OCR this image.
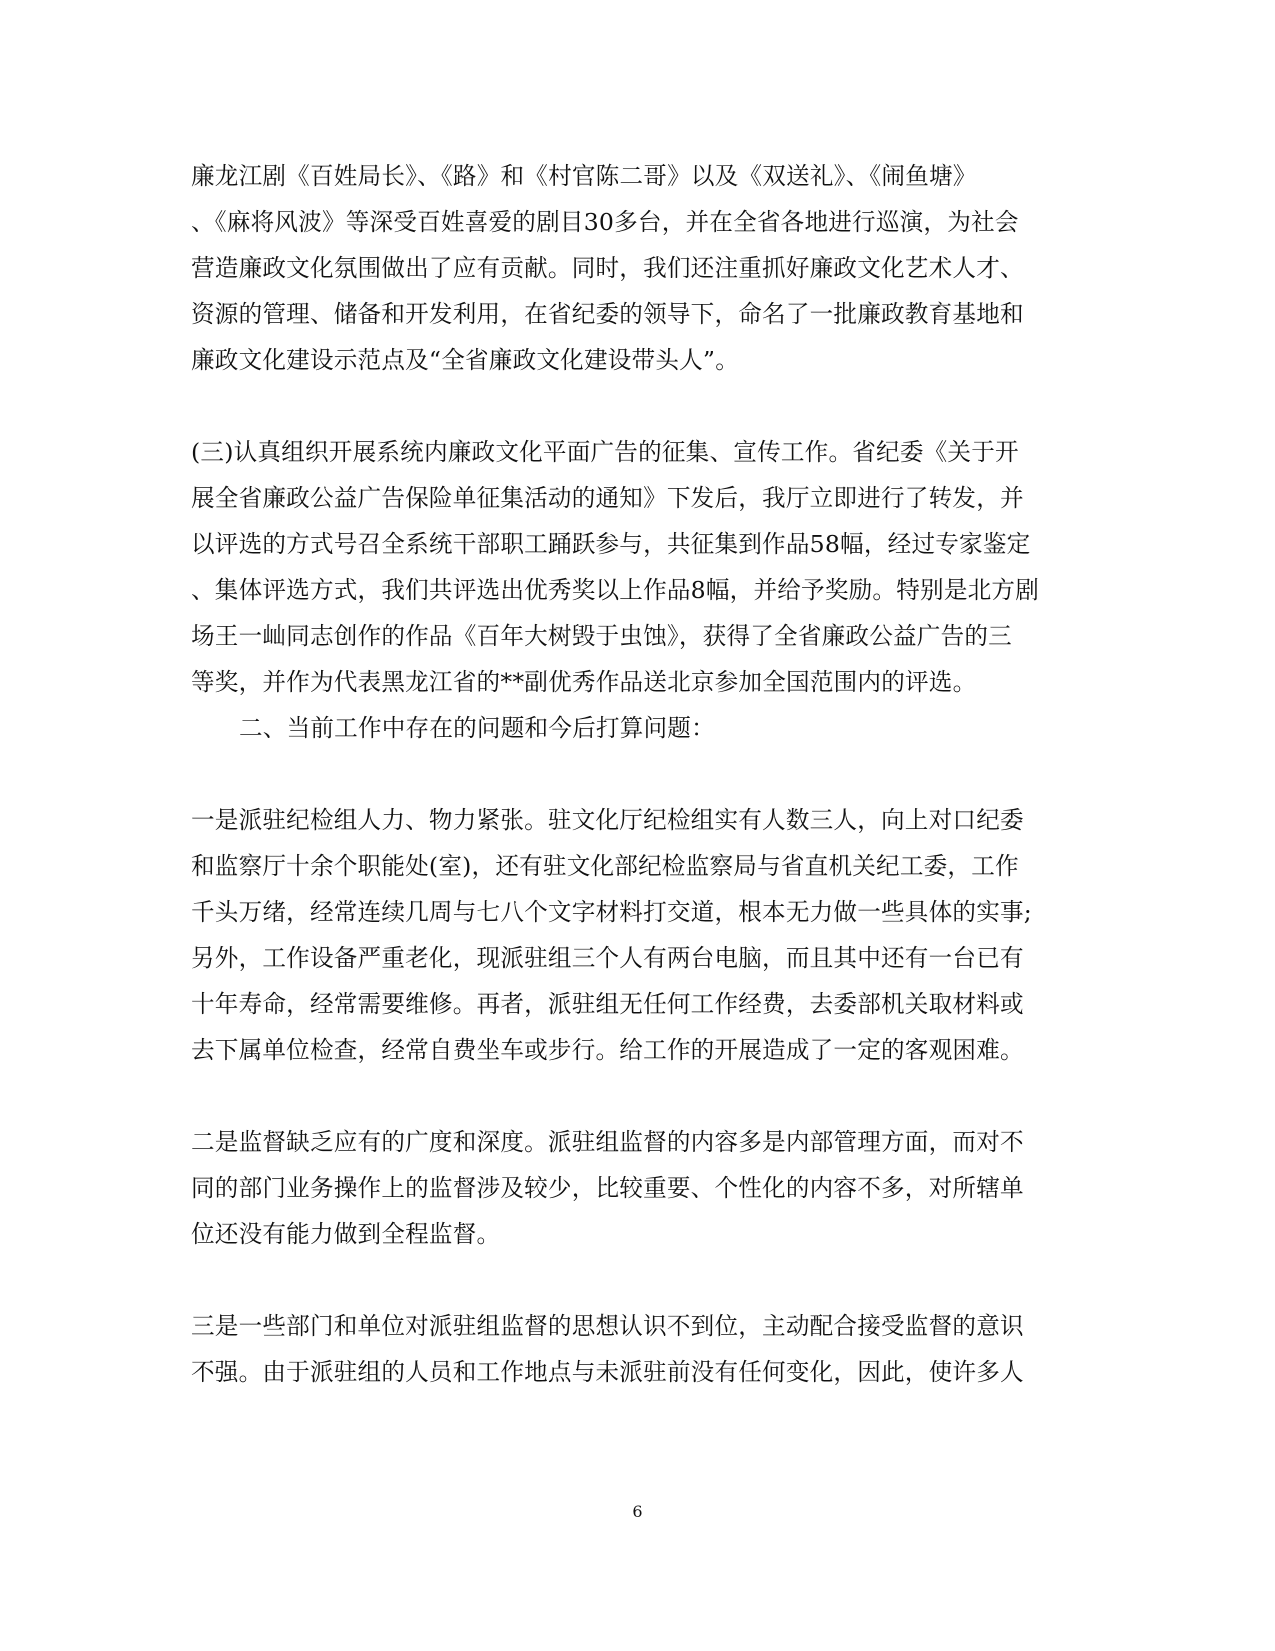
廉龙江剧《百姓局长》、《路》和《村官陈二哥》以及《双送礼》、《闹鱼塘》
、《麻将风波》等深受百姓喜爱的剧目30多台，并在全省各地进行巡演，为社会
营造廉政文化氛围做出了应有贡献。同时，我们还注重抓好廉政文化艺术人才、
资源的管理、储备和开发利用，在省纪委的领导下，命名了一批廉政教育基地和
廉政文化建设示范点及“全省廉政文化建设带头人”。
(三)认真组织开展系统内廉政文化平面广告的征集、宣传工作。省纪委《关于开
展全省廉政公益广告保险单征集活动的通知》下发后，我厅立即进行了转发，并
以评选的方式号召全系统干部职工踊跃参与，共征集到作品58幅，经过专家鉴定
、集体评选方式，我们共评选出优秀奖以上作品8幅，并给予奖励。特别是北方剧
场王一屾同志创作的作品《百年大树毁于虫蚀》，获得了全省廉政公益广告的三
等奖，并作为代表黑龙江省的**副优秀作品送北京参加全国范围内的评选。
二、当前工作中存在的问题和今后打算问题：
一是派驻纪检组人力、物力紧张。驻文化厅纪检组实有人数三人，向上对口纪委
和监察厅十余个职能处(室)，还有驻文化部纪检监察局与省直机关纪工委，工作
千头万绪，经常连续几周与七八个文字材料打交道，根本无力做一些具体的实事;
另外，工作设备严重老化，现派驻组三个人有两台电脑，而且其中还有一台已有
十年寿命，经常需要维修。再者，派驻组无任何工作经费，去委部机关取材料或
去下属单位检查，经常自费坐车或步行。给工作的开展造成了一定的客观困难。
二是监督缺乏应有的广度和深度。派驻组监督的内容多是内部管理方面，而对不
同的部门业务操作上的监督涉及较少，比较重要、个性化的内容不多，对所辖单
位还没有能力做到全程监督。
三是一些部门和单位对派驻组监督的思想认识不到位，主动配合接受监督的意识
不强。由于派驻组的人员和工作地点与未派驻前没有任何变化，因此，使许多人
6
